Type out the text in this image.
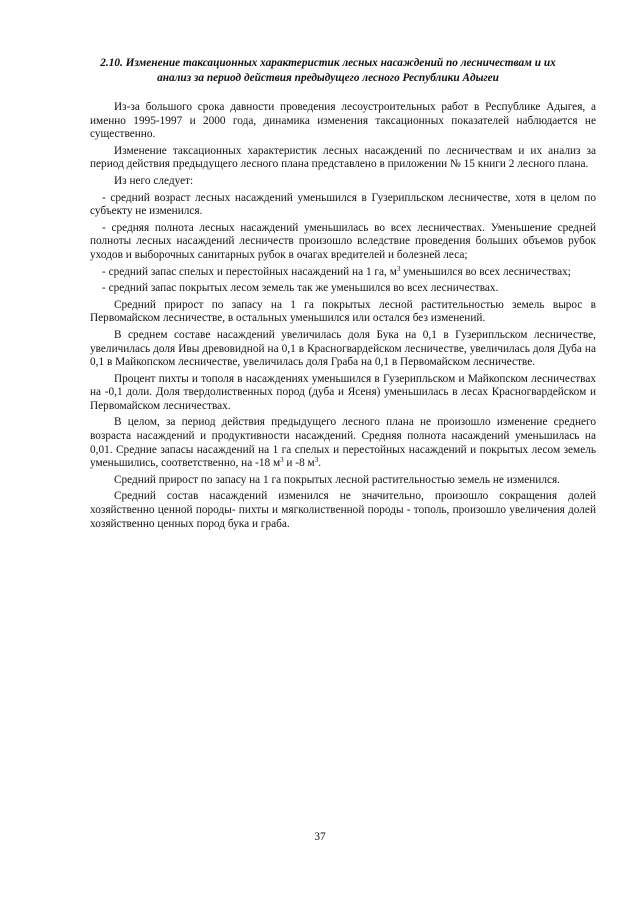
2.10. Изменение таксационных характеристик лесных насаждений по лесничествам и их
анализ за период действия предыдущего лесного Республики Адыгеи

Из-за большого срока давности проведения лесоустроительных работ в Республике Адыгея, а именно 1995-1997 и 2000 года, динамика изменения таксационных показателей наблюдается не существенно.

Изменение таксационных характеристик лесных насаждений по лесничествам и их анализ за период действия предыдущего лесного плана представлено в приложении № 15 книги 2 лесного плана.

Из него следует:

- средний возраст лесных насаждений уменьшился в Гузерипльском лесничестве, хотя в целом по субъекту не изменился.

- средняя полнота лесных насаждений уменьшилась во всех лесничествах. Уменьшение средней полноты лесных насаждений лесничеств произошло вследствие проведения больших объемов рубок уходов и выборочных санитарных рубок в очагах вредителей и болезней леса;

- средний запас спелых и перестойных насаждений на 1 га, $м^3$ уменьшился во всех лесничествах;

- средний запас покрытых лесом земель так же уменьшился во всех лесничествах.

Средний прирост по запасу на 1 га покрытых лесной растительностью земель вырос в Первомайском лесничестве, в остальных уменьшился или остался без изменений.

В среднем составе насаждений увеличилась доля Бука на 0,1 в Гузерипльском лесничестве, увеличилась доля Ивы древовидной на 0,1 в Красногвардейском лесничестве, увеличилась доля Дуба на 0,1 в Майкопском лесничестве, увеличилась доля Граба на 0,1 в Первомайском лесничестве.

Процент пихты и тополя в насаждениях уменьшился в Гузерипльском и Майкопском лесничествах на -0,1 доли. Доля твердолиственных пород (дуба и Ясеня) уменьшилась в лесах Красногвардейском и Первомайском лесничествах.

В целом, за период действия предыдущего лесного плана не произошло изменение среднего возраста насаждений и продуктивности насаждений. Средняя полнота насаждений уменьшилась на 0,01. Средние запасы насаждений на 1 га спелых и перестойных насаждений и покрытых лесом земель уменьшились, соответственно, на -18 $м^3$ и -8 $м^3$.

Средний прирост по запасу на 1 га покрытых лесной растительностью земель не изменился.

Средний состав насаждений изменился не значительно, произошло сокращения долей хозяйственно ценной породы- пихты и мягколиственной породы - тополь, произошло увеличения долей хозяйственно ценных пород бука и граба.

37
